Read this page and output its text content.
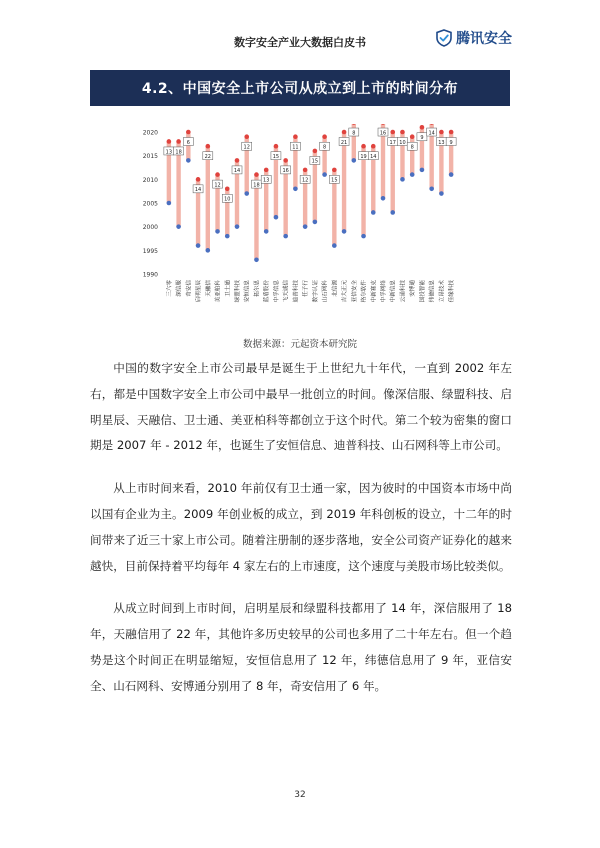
数字安全产业大数据白皮书	腾讯安全
4.2、中国安全上市公司从成立到上市的时间分布
1990
1995
2000
2005
2010
2015
2020
13
三六零
18
深信服
6
奇安信
14
启明星辰
22
天融信
12
美亚柏科
10
卫士通
14
绿盟科技
12
安恒信息
18
拓尔思
13
蓝盾股份
15
中孚信息
16
飞天诚信
11
迪普科技
12
任子行
15
数字认证
8
山石网科
15
北信源
21
吉大正元
8
亚信安全
19
格尔软件
14
中新赛克
16
中孚网络
17
中新信息
10
云涌科技
8
安博通
9
国投智能
14
纬德信息
13
立昂技术
9
佳缘科技
数据来源：元起资本研究院

中国的数字安全上市公司最早是诞生于上世纪九十年代，一直到 2002 年左右，都是中国数字安全上市公司中最早一批创立的时间。像深信服、绿盟科技、启明星辰、天融信、卫士通、美亚柏科等都创立于这个时代。第二个较为密集的窗口期是 2007 年 - 2012 年，也诞生了安恒信息、迪普科技、山石网科等上市公司。

从上市时间来看，2010 年前仅有卫士通一家，因为彼时的中国资本市场中尚以国有企业为主。2009 年创业板的成立，到 2019 年科创板的设立，十二年的时间带来了近三十家上市公司。随着注册制的逐步落地，安全公司资产证券化的越来越快，目前保持着平均每年 4 家左右的上市速度，这个速度与美股市场比较类似。

从成立时间到上市时间，启明星辰和绿盟科技都用了 14 年，深信服用了 18 年，天融信用了 22 年，其他许多历史较早的公司也多用了二十年左右。但一个趋势是这个时间正在明显缩短，安恒信息用了 12 年，纬德信息用了 9 年，亚信安全、山石网科、安博通分别用了 8 年，奇安信用了 6 年。

32
